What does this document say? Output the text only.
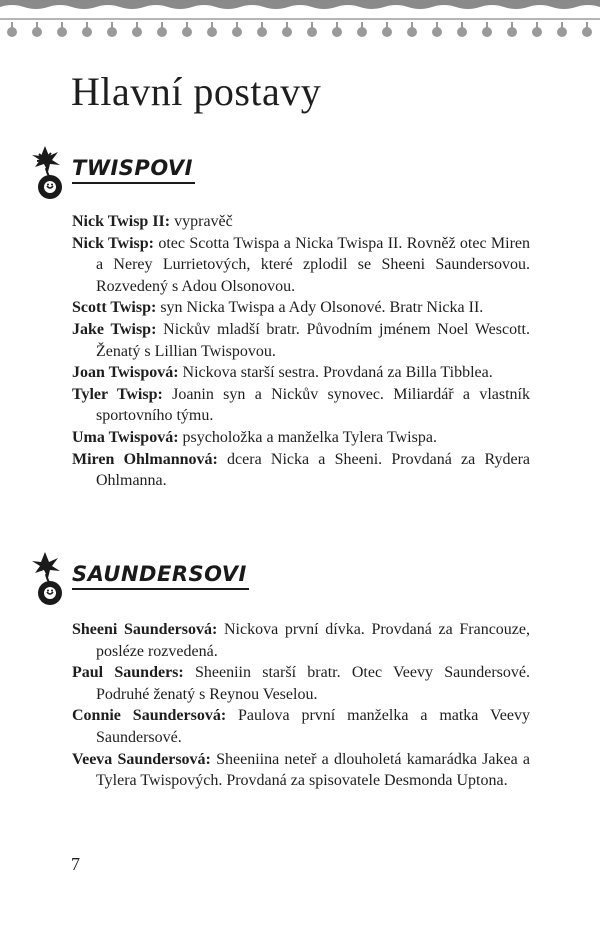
Hlavní postavy
TWISPOVI
Nick Twisp II: vypravěč
Nick Twisp: otec Scotta Twispa a Nicka Twispa II. Rovněž otec Miren a Nerey Lurrietových, které zplodil se Sheeni Saundersovou. Rozvedený s Adou Olsonovou.
Scott Twisp: syn Nicka Twispa a Ady Olsonové. Bratr Nicka II.
Jake Twisp: Nickův mladší bratr. Původním jménem Noel Wescott. Ženatý s Lillian Twispovou.
Joan Twispová: Nickova starší sestra. Provdaná za Billa Tibblea.
Tyler Twisp: Joanin syn a Nickův synovec. Miliardář a vlastník sportovního týmu.
Uma Twispová: psycholožka a manželka Tylera Twispa.
Miren Ohlmannová: dcera Nicka a Sheeni. Provdaná za Rydera Ohlmanna.
SAUNDERSOVI
Sheeni Saundersová: Nickova první dívka. Provdaná za Francouze, posléze rozvedená.
Paul Saunders: Sheeniin starší bratr. Otec Veevy Saundersové. Podruhé ženatý s Reynou Veselou.
Connie Saundersová: Paulova první manželka a matka Veevy Saundersové.
Veeva Saundersová: Sheeniina neteř a dlouholetá kamarádka Jakea a Tylera Twispových. Provdaná za spisovatele Desmonda Uptona.
7
